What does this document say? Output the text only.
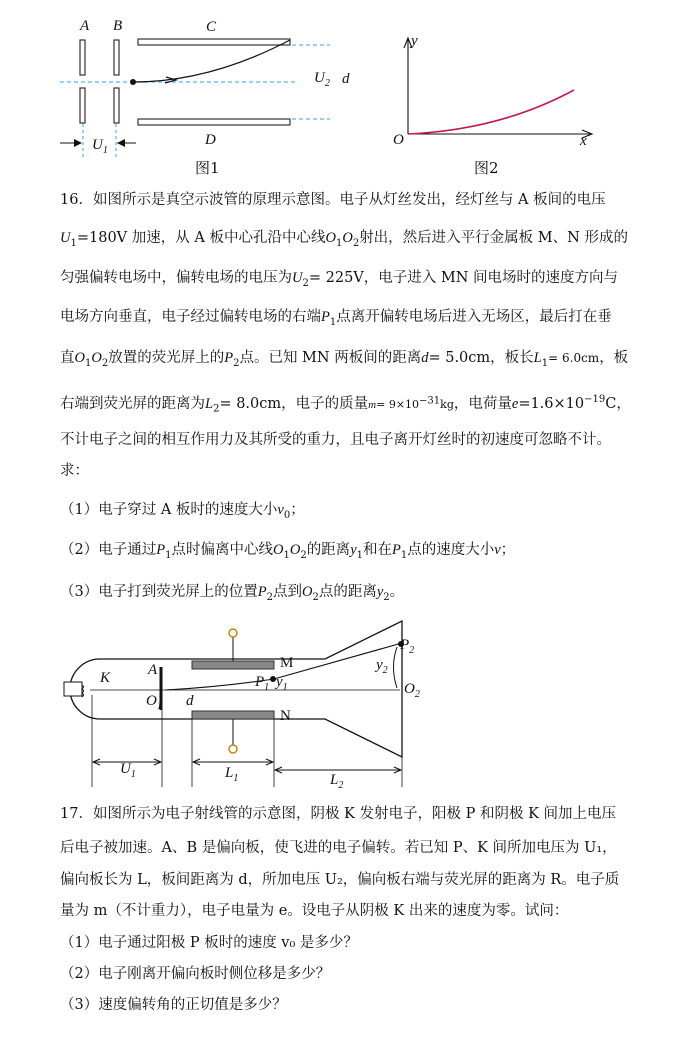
A B	C
D
$U_2$
$U_1$
图1
d
y
x
O
图2
16．如图所示是真空示波管的原理示意图。电子从灯丝发出，经灯丝与 A 板间的电压
$U_1=180V$ 加速，从 A 板中心孔沿中心线$O_1O_2$射出，然后进入平行金属板 M、N 形成的
匀强偏转电场中，偏转电场的电压为$U_2= 225V$，电子进入 MN 间电场时的速度方向与
电场方向垂直，电子经过偏转电场的右端$P_1$点离开偏转电场后进入无场区，最后打在垂
直$O_1O_2$放置的荧光屏上的$P_2$点。已知 MN 两板间的距离d= 5.0cm，板长$L_1= 6.0cm$，板
右端到荧光屏的距离为$L_2= 8.0cm$，电子的质量$m= 9\times 10^{-31}kg$，电荷量$e=1.6\times 10^{-19}C$，
不计电子之间的相互作用力及其所受的重力，且电子离开灯丝时的初速度可忽略不计。
求：
（1）电子穿过 A 板时的速度大小$v_0$；
（2）电子通过$P_1$点时偏离中心线$O_1O_2$的距离$y_1$和在$P_1$点的速度大小v；
（3）电子打到荧光屏上的位置$P_2$点到$O_2$点的距离$y_2$。
K	A
$O_1$ d
M
N
$P_1$ $y_1$
$P_2$
$y_2$
$O_2$
$U_1$	$L_1$	$L_2$
17．如图所示为电子射线管的示意图，阴极 K 发射电子，阳极 P 和阴极 K 间加上电压
后电子被加速。A、B 是偏向板，使飞进的电子偏转。若已知 P、K 间所加电压为 U₁，
偏向板长为 L，板间距离为 d，所加电压 U₂，偏向板右端与荧光屏的距离为 R。电子质
量为 m（不计重力），电子电量为 e。设电子从阴极 K 出来的速度为零。试问：
（1）电子通过阳极 P 板时的速度 v₀ 是多少？
（2）电子刚离开偏向板时侧位移是多少？
（3）速度偏转角的正切值是多少？
